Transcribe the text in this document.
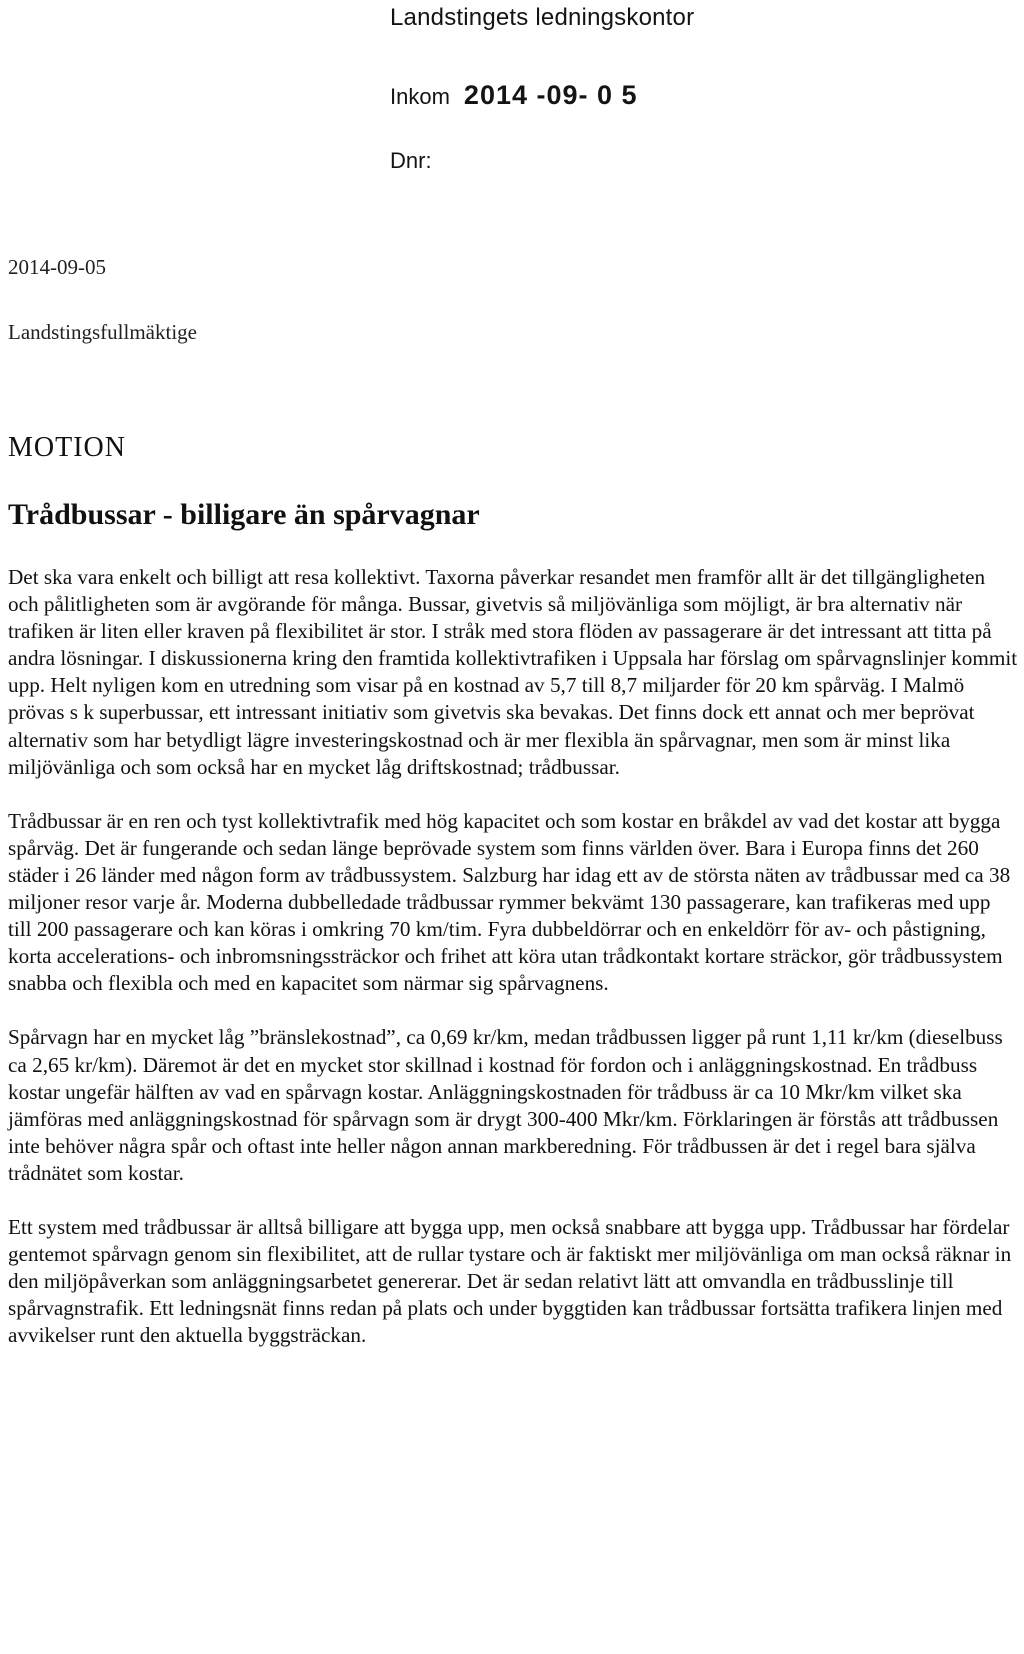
Landstingets ledningskontor
Inkom 2014 -09- 0 5
Dnr:
2014-09-05
Landstingsfullmäktige
MOTION
Trådbussar - billigare än spårvagnar

Det ska vara enkelt och billigt att resa kollektivt. Taxorna påverkar resandet men framför allt är det tillgängligheten och pålitligheten som är avgörande för många. Bussar, givetvis så miljövänliga som möjligt, är bra alternativ när trafiken är liten eller kraven på flexibilitet är stor. I stråk med stora flöden av passagerare är det intressant att titta på andra lösningar. I diskussionerna kring den framtida kollektivtrafiken i Uppsala har förslag om spårvagnslinjer kommit upp. Helt nyligen kom en utredning som visar på en kostnad av 5,7 till 8,7 miljarder för 20 km spårväg. I Malmö prövas s k superbussar, ett intressant initiativ som givetvis ska bevakas. Det finns dock ett annat och mer beprövat alternativ som har betydligt lägre investeringskostnad och är mer flexibla än spårvagnar, men som är minst lika miljövänliga och som också har en mycket låg driftskostnad; trådbussar.

Trådbussar är en ren och tyst kollektivtrafik med hög kapacitet och som kostar en bråkdel av vad det kostar att bygga spårväg. Det är fungerande och sedan länge beprövade system som finns världen över. Bara i Europa finns det 260 städer i 26 länder med någon form av trådbussystem. Salzburg har idag ett av de största näten av trådbussar med ca 38 miljoner resor varje år. Moderna dubbelledade trådbussar rymmer bekvämt 130 passagerare, kan trafikeras med upp till 200 passagerare och kan köras i omkring 70 km/tim. Fyra dubbeldörrar och en enkeldörr för av- och påstigning, korta accelerations- och inbromsningssträckor och frihet att köra utan trådkontakt kortare sträckor, gör trådbussystem snabba och flexibla och med en kapacitet som närmar sig spårvagnens.

Spårvagn har en mycket låg ”bränslekostnad”, ca 0,69 kr/km, medan trådbussen ligger på runt 1,11 kr/km (dieselbuss ca 2,65 kr/km). Däremot är det en mycket stor skillnad i kostnad för fordon och i anläggningskostnad. En trådbuss kostar ungefär hälften av vad en spårvagn kostar. Anläggningskostnaden för trådbuss är ca 10 Mkr/km vilket ska jämföras med anläggningskostnad för spårvagn som är drygt 300-400 Mkr/km. Förklaringen är förstås att trådbussen inte behöver några spår och oftast inte heller någon annan markberedning. För trådbussen är det i regel bara själva trådnätet som kostar.

Ett system med trådbussar är alltså billigare att bygga upp, men också snabbare att bygga upp. Trådbussar har fördelar gentemot spårvagn genom sin flexibilitet, att de rullar tystare och är faktiskt mer miljövänliga om man också räknar in den miljöpåverkan som anläggningsarbetet genererar. Det är sedan relativt lätt att omvandla en trådbusslinje till spårvagnstrafik. Ett ledningsnät finns redan på plats och under byggtiden kan trådbussar fortsätta trafikera linjen med avvikelser runt den aktuella byggsträckan.
